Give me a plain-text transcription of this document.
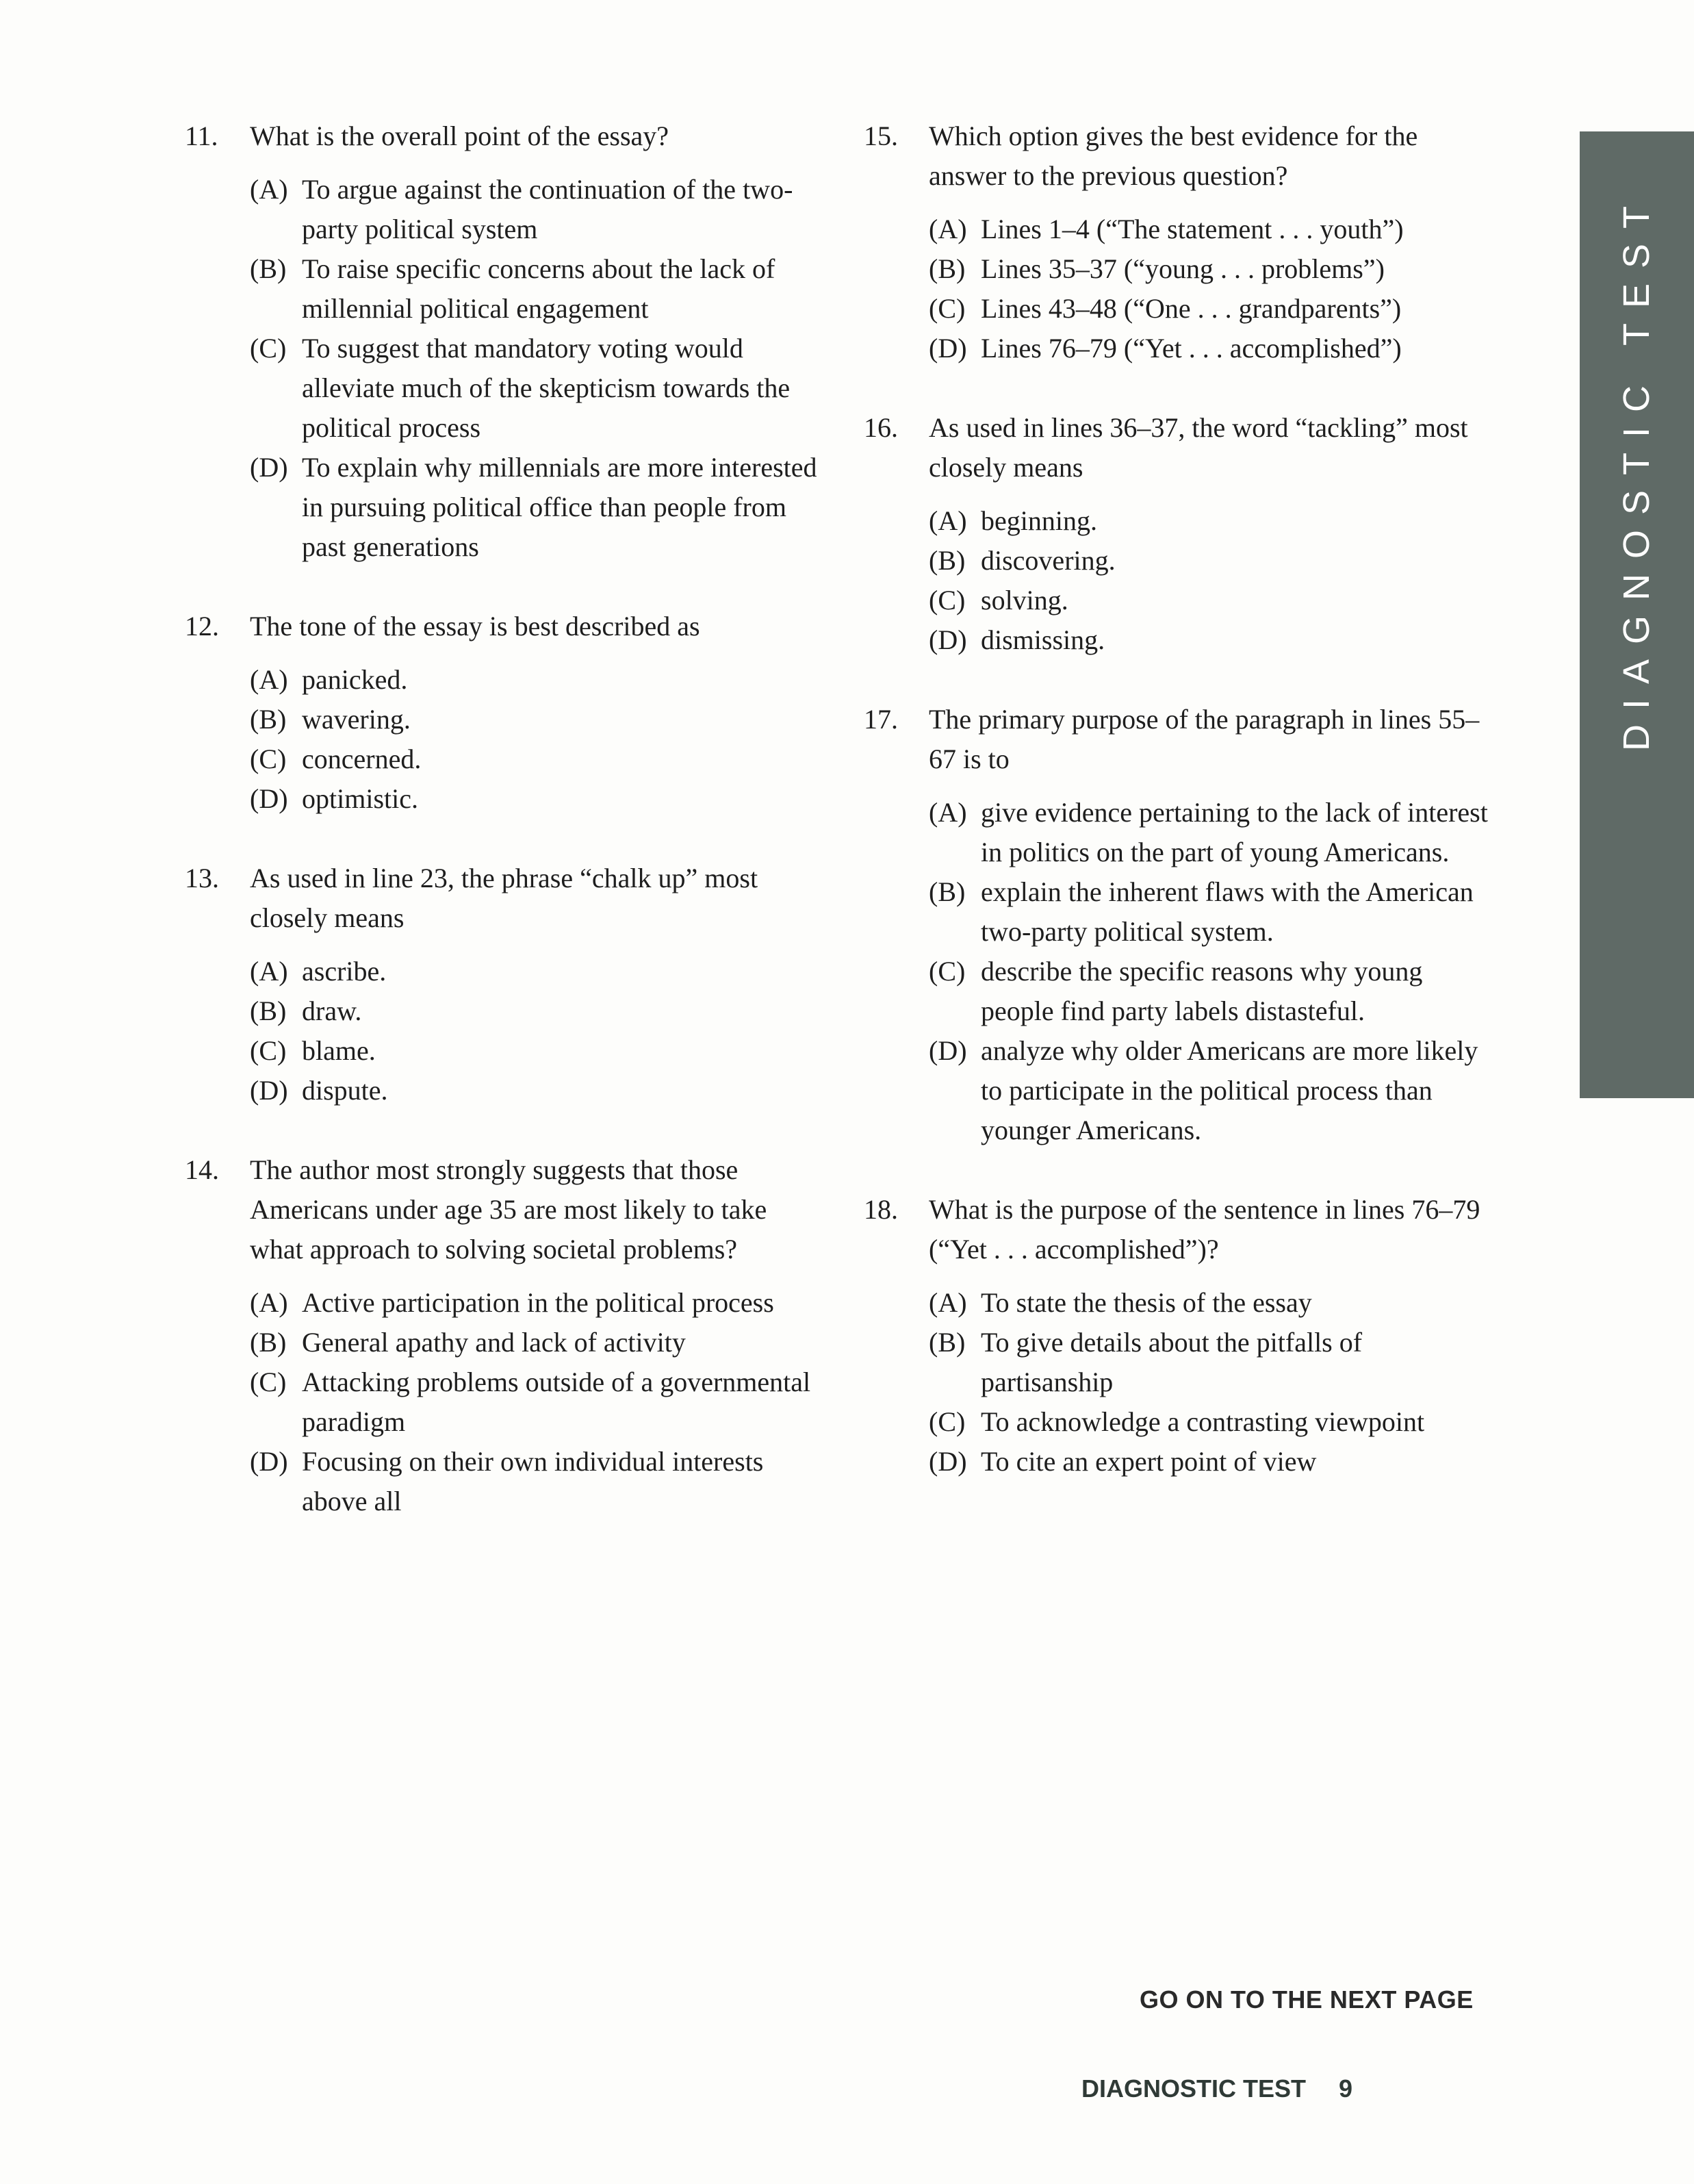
11.	What is the overall point of the essay?
(A) To argue against the continuation of the two-party political system
(B) To raise specific concerns about the lack of millennial political engagement
(C) To suggest that mandatory voting would alleviate much of the skepticism towards the political process
(D) To explain why millennials are more interested in pursuing political office than people from past generations
12.	The tone of the essay is best described as
(A) panicked.
(B) wavering.
(C) concerned.
(D) optimistic.
13.	As used in line 23, the phrase “chalk up” most closely means
(A) ascribe.
(B) draw.
(C) blame.
(D) dispute.
14.	The author most strongly suggests that those Americans under age 35 are most likely to take what approach to solving societal problems?
(A) Active participation in the political process
(B) General apathy and lack of activity
(C) Attacking problems outside of a governmental paradigm
(D) Focusing on their own individual interests above all
15.	Which option gives the best evidence for the answer to the previous question?
(A) Lines 1–4 (“The statement . . . youth”)
(B) Lines 35–37 (“young . . . problems”)
(C) Lines 43–48 (“One . . . grandparents”)
(D) Lines 76–79 (“Yet . . . accomplished”)
16.	As used in lines 36–37, the word “tackling” most closely means
(A) beginning.
(B) discovering.
(C) solving.
(D) dismissing.
17.	The primary purpose of the paragraph in lines 55–67 is to
(A) give evidence pertaining to the lack of interest in politics on the part of young Americans.
(B) explain the inherent flaws with the American two-party political system.
(C) describe the specific reasons why young people find party labels distasteful.
(D) analyze why older Americans are more likely to participate in the political process than younger Americans.
18.	What is the purpose of the sentence in lines 76–79 (“Yet . . . accomplished”)?
(A) To state the thesis of the essay
(B) To give details about the pitfalls of partisanship
(C) To acknowledge a contrasting viewpoint
(D) To cite an expert point of view
DIAGNOSTIC TEST
GO ON TO THE NEXT PAGE
DIAGNOSTIC TEST 9
